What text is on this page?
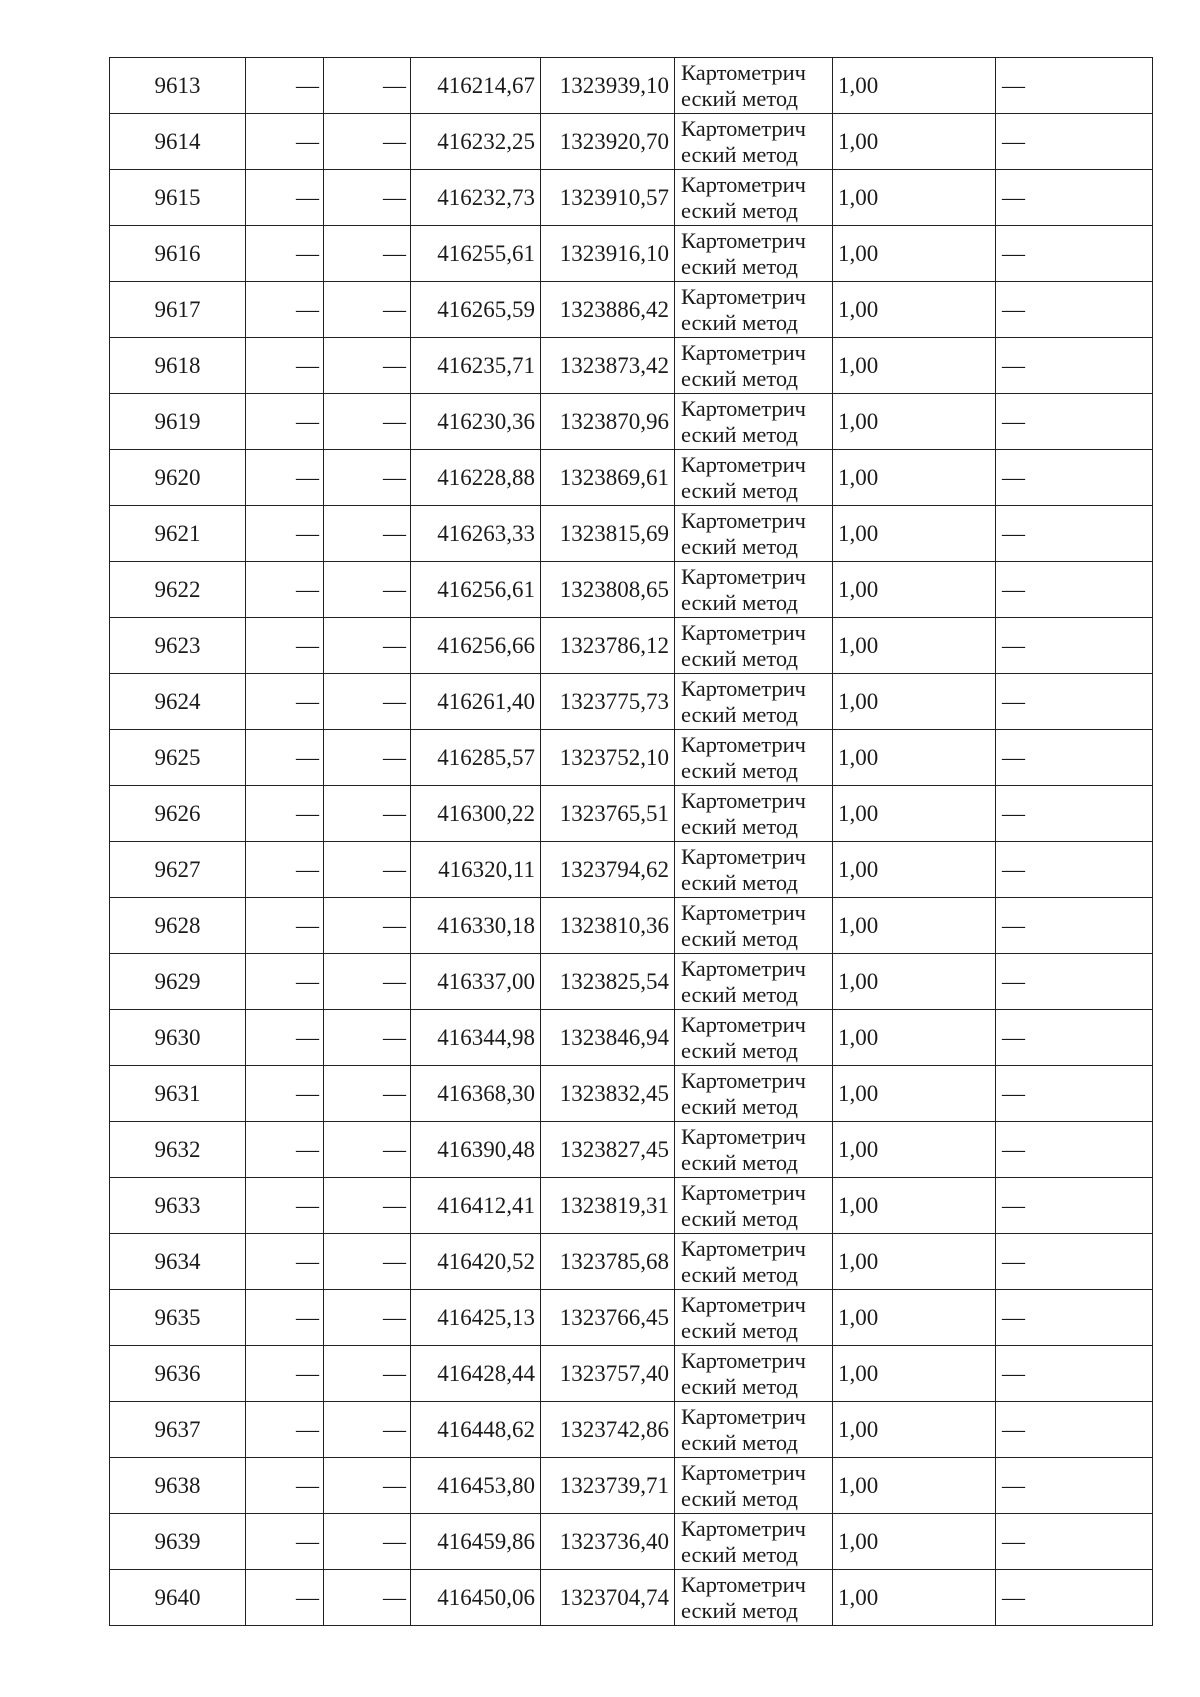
9613	—	—	416214,67	1323939,10	Картометрич
еский метод	1,00	—
9614	—	—	416232,25	1323920,70	Картометрич
еский метод	1,00	—
9615	—	—	416232,73	1323910,57	Картометрич
еский метод	1,00	—
9616	—	—	416255,61	1323916,10	Картометрич
еский метод	1,00	—
9617	—	—	416265,59	1323886,42	Картометрич
еский метод	1,00	—
9618	—	—	416235,71	1323873,42	Картометрич
еский метод	1,00	—
9619	—	—	416230,36	1323870,96	Картометрич
еский метод	1,00	—
9620	—	—	416228,88	1323869,61	Картометрич
еский метод	1,00	—
9621	—	—	416263,33	1323815,69	Картометрич
еский метод	1,00	—
9622	—	—	416256,61	1323808,65	Картометрич
еский метод	1,00	—
9623	—	—	416256,66	1323786,12	Картометрич
еский метод	1,00	—
9624	—	—	416261,40	1323775,73	Картометрич
еский метод	1,00	—
9625	—	—	416285,57	1323752,10	Картометрич
еский метод	1,00	—
9626	—	—	416300,22	1323765,51	Картометрич
еский метод	1,00	—
9627	—	—	416320,11	1323794,62	Картометрич
еский метод	1,00	—
9628	—	—	416330,18	1323810,36	Картометрич
еский метод	1,00	—
9629	—	—	416337,00	1323825,54	Картометрич
еский метод	1,00	—
9630	—	—	416344,98	1323846,94	Картометрич
еский метод	1,00	—
9631	—	—	416368,30	1323832,45	Картометрич
еский метод	1,00	—
9632	—	—	416390,48	1323827,45	Картометрич
еский метод	1,00	—
9633	—	—	416412,41	1323819,31	Картометрич
еский метод	1,00	—
9634	—	—	416420,52	1323785,68	Картометрич
еский метод	1,00	—
9635	—	—	416425,13	1323766,45	Картометрич
еский метод	1,00	—
9636	—	—	416428,44	1323757,40	Картометрич
еский метод	1,00	—
9637	—	—	416448,62	1323742,86	Картометрич
еский метод	1,00	—
9638	—	—	416453,80	1323739,71	Картометрич
еский метод	1,00	—
9639	—	—	416459,86	1323736,40	Картометрич
еский метод	1,00	—
9640	—	—	416450,06	1323704,74	Картометрич
еский метод	1,00	—
